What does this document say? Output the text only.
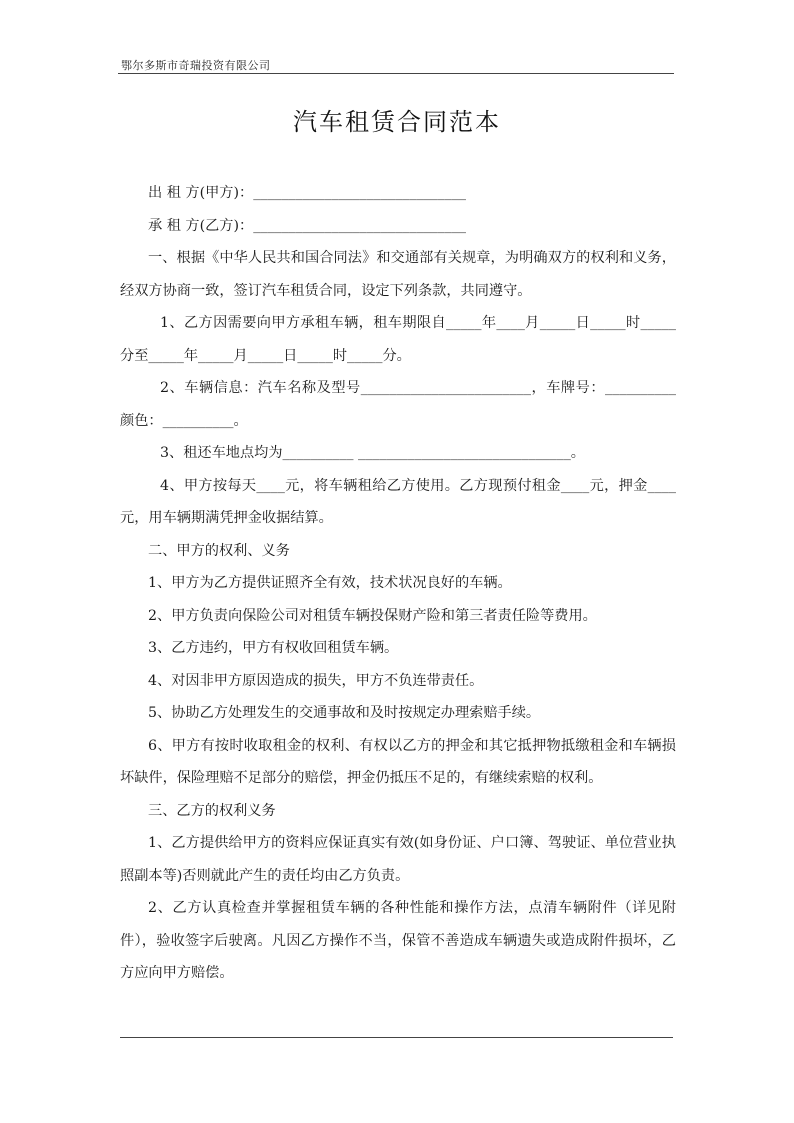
鄂尔多斯市奇瑞投资有限公司
汽车租赁合同范本

出 租 方(甲方)：______________________________

承 租 方(乙方)：______________________________

一、根据《中华人民共和国合同法》和交通部有关规章，为明确双方的权利和义务，经双方协商一致，签订汽车租赁合同，设定下列条款，共同遵守。

1、乙方因需要向甲方承租车辆，租车期限自_____年____月_____日_____时_____分至_____年_____月_____日_____时_____分。

2、车辆信息：汽车名称及型号________________________，车牌号：__________颜色：__________。

3、租还车地点均为__________ ______________________________。

4、甲方按每天____元，将车辆租给乙方使用。乙方现预付租金____元，押金____元，用车辆期满凭押金收据结算。

二、甲方的权利、义务

1、甲方为乙方提供证照齐全有效，技术状况良好的车辆。

2、甲方负责向保险公司对租赁车辆投保财产险和第三者责任险等费用。

3、乙方违约，甲方有权收回租赁车辆。

4、对因非甲方原因造成的损失，甲方不负连带责任。

5、协助乙方处理发生的交通事故和及时按规定办理索赔手续。

6、甲方有按时收取租金的权利、有权以乙方的押金和其它抵押物抵缴租金和车辆损坏缺件，保险理赔不足部分的赔偿，押金仍抵压不足的，有继续索赔的权利。

三、乙方的权利义务

1、乙方提供给甲方的资料应保证真实有效(如身份证、户口簿、驾驶证、单位营业执照副本等)否则就此产生的责任均由乙方负责。

2、乙方认真检查并掌握租赁车辆的各种性能和操作方法，点清车辆附件（详见附件），验收签字后驶离。凡因乙方操作不当，保管不善造成车辆遗失或造成附件损坏，乙方应向甲方赔偿。
